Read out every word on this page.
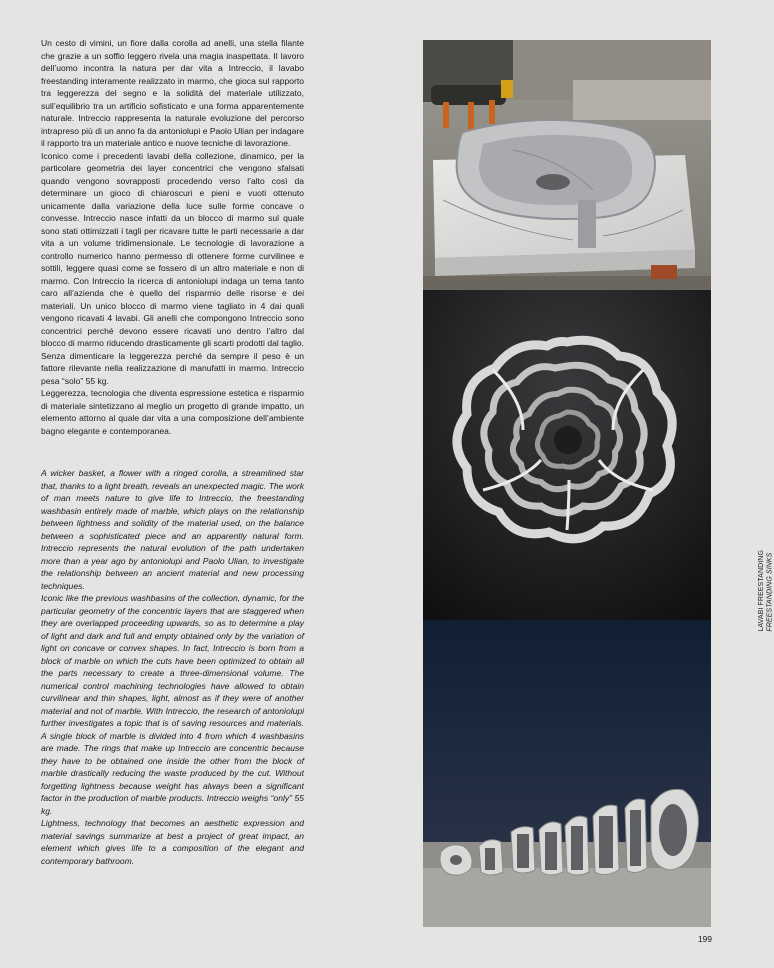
Un cesto di vimini, un fiore dalla corolla ad anelli, una stella filante che grazie a un soffio leggero rivela una magia inaspettata. Il lavoro dell’uomo incontra la natura per dar vita a Intreccio, il lavabo freestanding interamente realizzato in marmo, che gioca sul rapporto tra leggerezza del segno e la solidità del materiale utilizzato, sull’equilibrio tra un artificio sofisticato e una forma apparentemente naturale. Intreccio rappresenta la naturale evoluzione del percorso intrapreso più di un anno fa da antoniolupi e Paolo Ulian per indagare il rapporto tra un materiale antico e nuove tecniche di lavorazione.

Iconico come i precedenti lavabi della collezione, dinamico, per la particolare geometria dei layer concentrici che vengono sfalsati quando vengono sovrapposti procedendo verso l’alto così da determinare un gioco di chiaroscuri e pieni e vuoti ottenuto unicamente dalla variazione della luce sulle forme concave o convesse. Intreccio nasce infatti da un blocco di marmo sul quale sono stati ottimizzati i tagli per ricavare tutte le parti necessarie a dar vita a un volume tridimensionale. Le tecnologie di lavorazione a controllo numerico hanno permesso di ottenere forme curvilinee e sottili, leggere quasi come se fossero di un altro materiale e non di marmo. Con Intreccio la ricerca di antoniolupi indaga un tema tanto caro all’azienda che è quello del risparmio delle risorse e dei materiali. Un unico blocco di marmo viene tagliato in 4 dai quali vengono ricavati 4 lavabi. Gli anelli che compongono Intreccio sono concentrici perché devono essere ricavati uno dentro l’altro dal blocco di marmo riducendo drasticamente gli scarti prodotti dal taglio. Senza dimenticare la leggerezza perché da sempre il peso è un fattore rilevante nella realizzazione di manufatti in marmo. Intreccio pesa “solo” 55 kg.

Leggerezza, tecnologia che diventa espressione estetica e risparmio di materiale sintetizzano al meglio un progetto di grande impatto, un elemento attorno al quale dar vita a una composizione dell’ambiente bagno elegante e contemporanea.

A wicker basket, a flower with a ringed corolla, a streamlined star that, thanks to a light breath, reveals an unexpected magic. The work of man meets nature to give life to Intreccio, the freestanding washbasin entirely made of marble, which plays on the relationship between lightness and solidity of the material used, on the balance between a sophisticated piece and an apparently natural form. Intreccio represents the natural evolution of the path undertaken more than a year ago by antoniolupi and Paolo Ulian, to investigate the relationship between an ancient material and new processing techniques.

Iconic like the previous washbasins of the collection, dynamic, for the particular geometry of the concentric layers that are staggered when they are overlapped proceeding upwards, so as to determine a play of light and dark and full and empty obtained only by the variation of light on concave or convex shapes. In fact, Intreccio is born from a block of marble on which the cuts have been optimized to obtain all the parts necessary to create a three-dimensional volume. The numerical control machining technologies have allowed to obtain curvilinear and thin shapes, light, almost as if they were of another material and not of marble. With Intreccio, the research of antoniolupi further investigates a topic that is of saving resources and materials. A single block of marble is divided into 4 from which 4 washbasins are made. The rings that make up Intreccio are concentric because they have to be obtained one inside the other from the block of marble drastically reducing the waste produced by the cut. Without forgetting lightness because weight has always been a significant factor in the production of marble products. Intreccio weighs “only” 55 kg.

Lightness, technology that becomes an aesthetic expression and material savings summarize at best a project of great impact, an element which gives life to a composition of the elegant and contemporary bathroom.

LAVABI FREESTANDING FREESTANDING SINKS
199
